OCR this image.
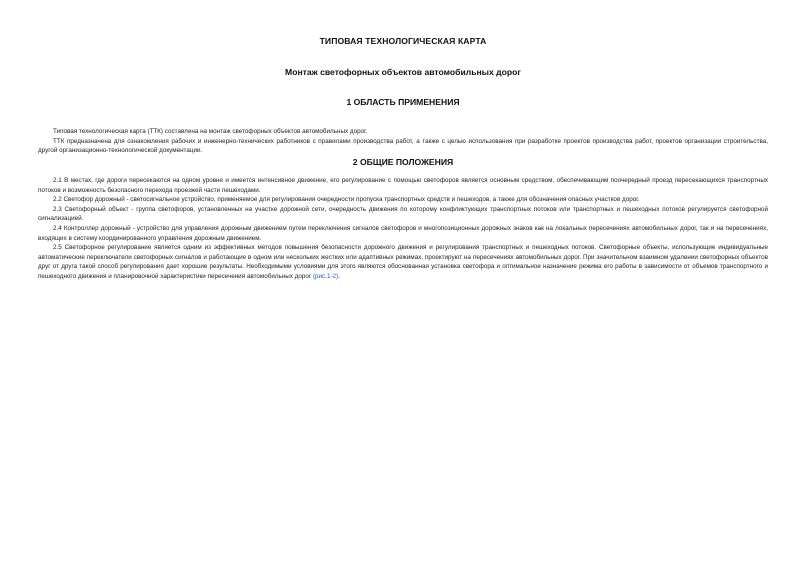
ТИПОВАЯ ТЕХНОЛОГИЧЕСКАЯ КАРТА

Монтаж светофорных объектов автомобильных дорог

1 ОБЛАСТЬ ПРИМЕНЕНИЯ

Типовая технологическая карта (ТТК) составлена на монтаж светофорных объектов автомобильных дорог.

ТТК предназначена для ознакомления рабочих и инженерно-технических работников с правилами производства работ, а также с целью использования при разработке проектов производства работ, проектов организации строительства, другой организационно-технологической документации.

2 ОБЩИЕ ПОЛОЖЕНИЯ

2.1 В местах, где дороги пересекаются на одном уровне и имеется интенсивное движение, его регулирование с помощью светофоров является основным средством, обеспечивающим поочередный проезд пересекающихся транспортных потоков и возможность безопасного перехода проезжей части пешеходами.

2.2 Светофор дорожный - светосигнальное устройство, применяемое для регулирования очередности пропуска транспортных средств и пешеходов, а также для обозначения опасных участков дорог.

2.3 Светофорный объект - группа светофоров, установленных на участке дорожной сети, очередность движения по которому конфликтующих транспортных потоков или транспортных и пешеходных потоков регулируется светофорной сигнализацией.

2.4 Контроллер дорожный - устройство для управления дорожным движением путем переключения сигналов светофоров и многопозиционных дорожных знаков как на локальных пересечениях автомобильных дорог, так и на пересечениях, входящих в систему координированного управления дорожным движением.

2.5 Светофорное регулирование является одним из эффективных методов повышения безопасности дорожного движения и регулирования транспортных и пешеходных потоков. Светофорные объекты, использующие индивидуальные автоматические переключатели светофорных сигналов и работающие в одном или нескольких жестких или адаптивных режимах, проектируют на пересечениях автомобильных дорог. При значительном взаимном удалении светофорных объектов друг от друга такой способ регулирования дает хорошие результаты. Необходимыми условиями для этого являются обоснованная установка светофора и оптимальное назначение режима его работы в зависимости от объемов транспортного и пешеходного движения и планировочной характеристики пересечения автомобильных дорог (рис.1-2).
